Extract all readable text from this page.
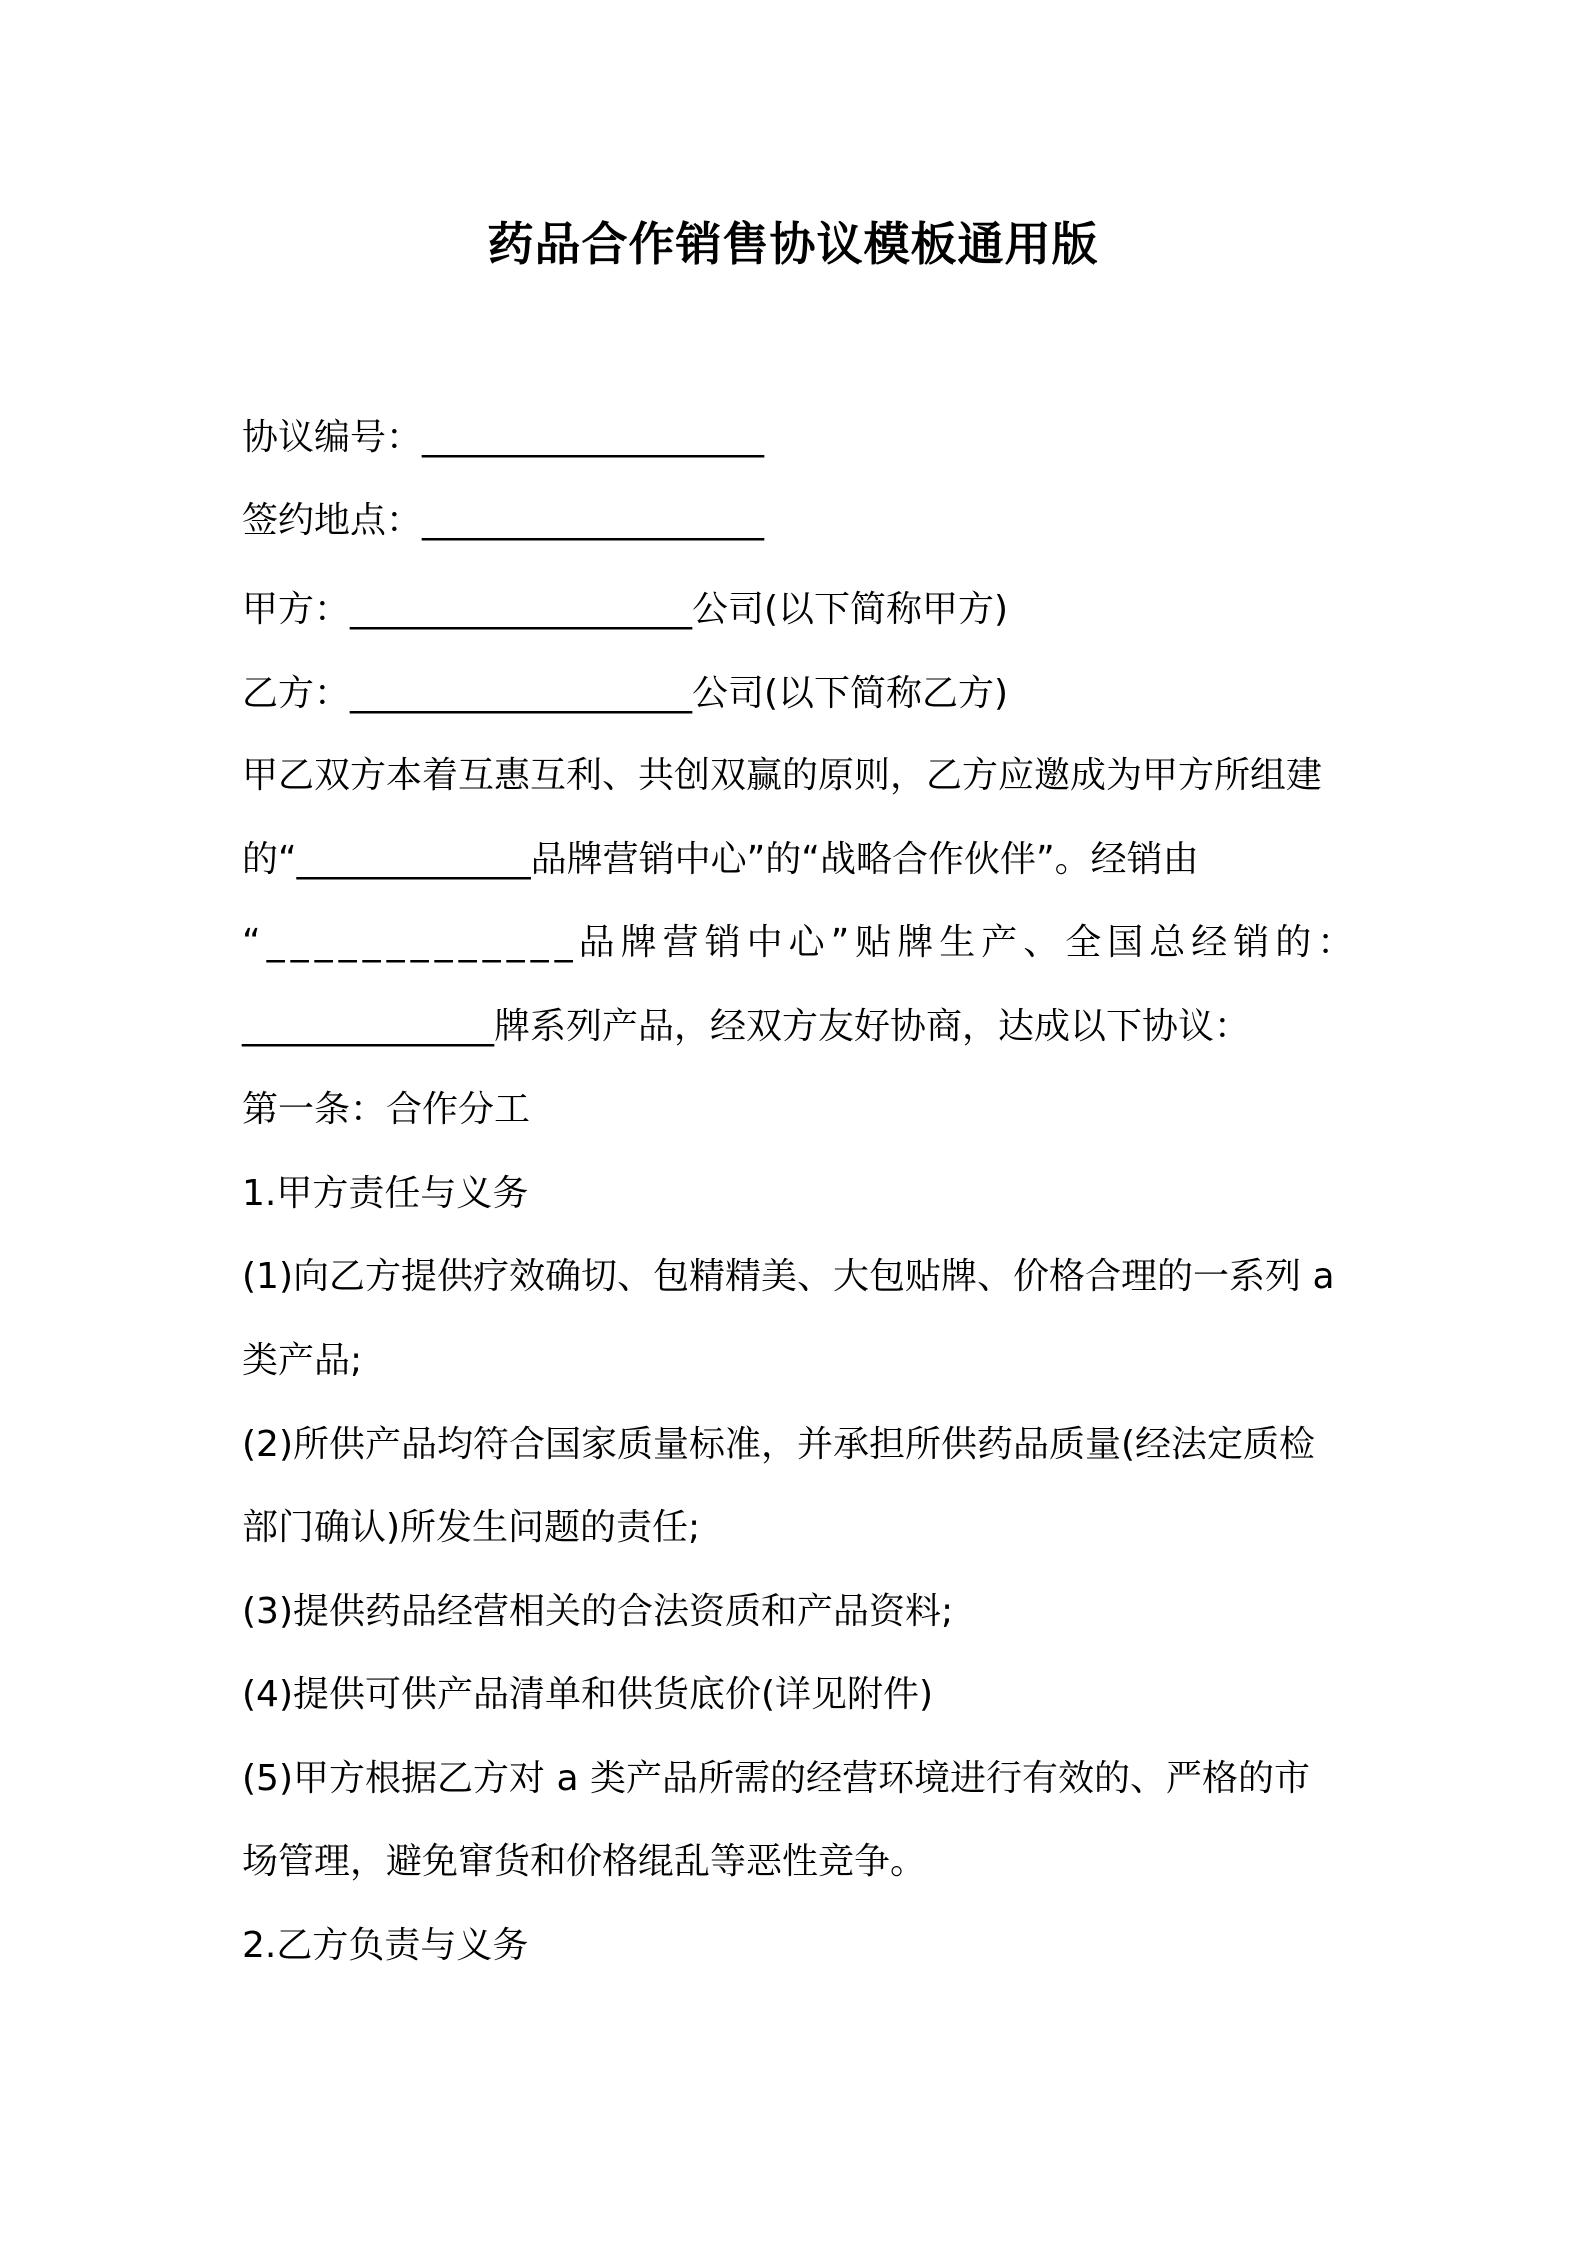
药品合作销售协议模板通用版
协议编号：___________________
签约地点：___________________
甲方：___________________公司(以下简称甲方)
乙方：___________________公司(以下简称乙方)
甲乙双方本着互惠互利、共创双赢的原则，乙方应邀成为甲方所组建
的“_____________品牌营销中心”的“战略合作伙伴”。经销由
“_____________品牌营销中心”贴牌生产、全国总经销的：
______________牌系列产品，经双方友好协商，达成以下协议：
第一条：合作分工
1.甲方责任与义务
(1)向乙方提供疗效确切、包精精美、大包贴牌、价格合理的一系列 a
类产品;
(2)所供产品均符合国家质量标准，并承担所供药品质量(经法定质检
部门确认)所发生问题的责任;
(3)提供药品经营相关的合法资质和产品资料;
(4)提供可供产品清单和供货底价(详见附件)
(5)甲方根据乙方对 a 类产品所需的经营环境进行有效的、严格的市
场管理，避免窜货和价格绲乱等恶性竞争。
2.乙方负责与义务
